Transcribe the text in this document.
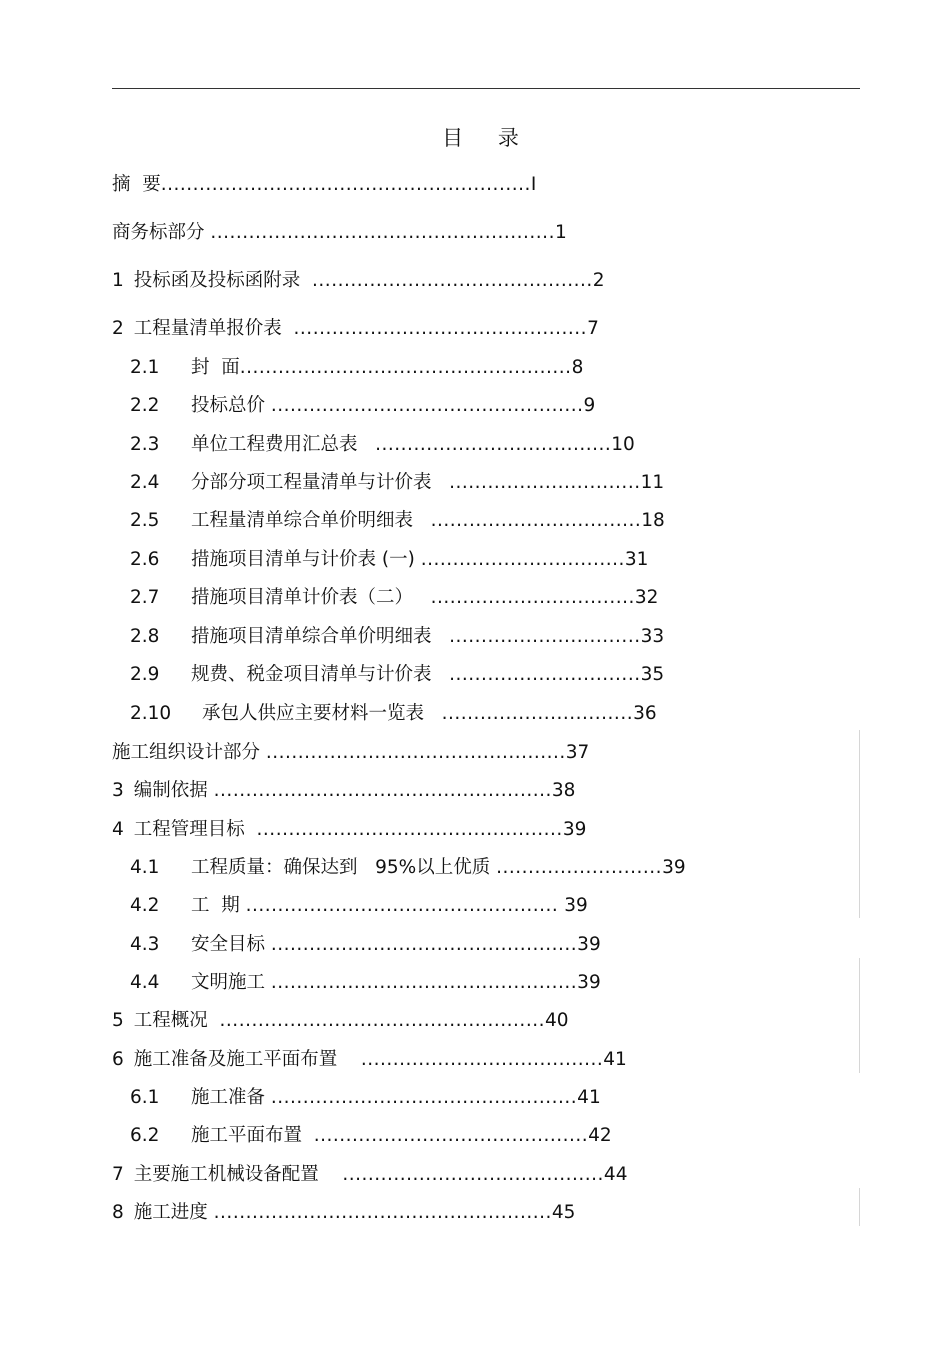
目 录
摘  要..........................................................I
商务标部分 ......................................................1
1 投标函及投标函附录  ............................................2
2 工程量清单报价表  ..............................................7
2.1 封  面....................................................8
2.2 投标总价 .................................................9
2.3 单位工程费用汇总表   .....................................10
2.4 分部分项工程量清单与计价表   ..............................11
2.5 工程量清单综合单价明细表   .................................18
2.6 措施项目清单与计价表 (一) ................................31
2.7 措施项目清单计价表（二）   ................................32
2.8 措施项目清单综合单价明细表   ..............................33
2.9 规费、税金项目清单与计价表   ..............................35
2.10 承包人供应主要材料一览表   ..............................36
施工组织设计部分 ...............................................37
3 编制依据 .....................................................38
4 工程管理目标  ................................................39
4.1 工程质量：确保达到   95%以上优质 ..........................39
4.2 工  期 ................................................. 39
4.3 安全目标 ................................................39
4.4 文明施工 ................................................39
5 工程概况  ...................................................40
6 施工准备及施工平面布置    ......................................41
6.1 施工准备 ................................................41
6.2 施工平面布置  ...........................................42
7 主要施工机械设备配置    .........................................44
8 施工进度 .....................................................45
